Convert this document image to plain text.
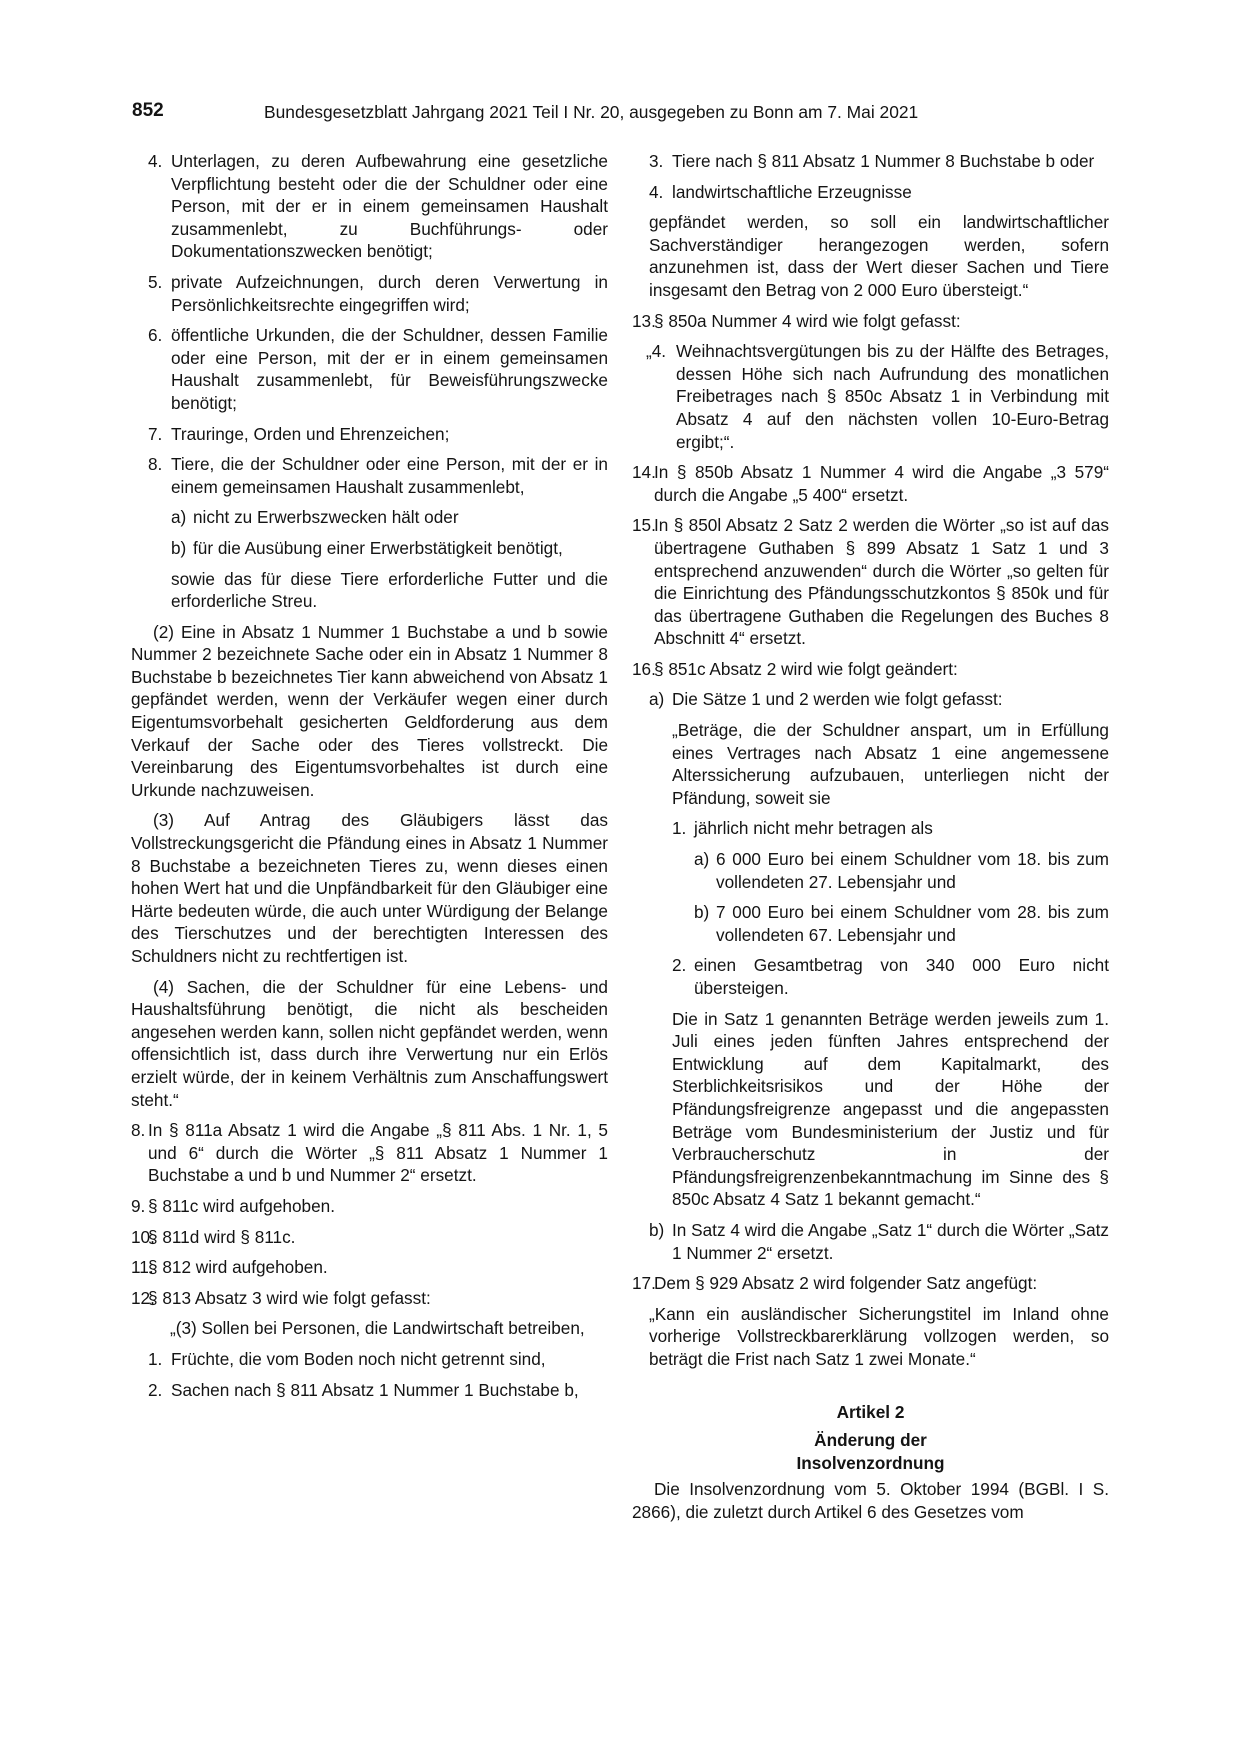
852	Bundesgesetzblatt Jahrgang 2021 Teil I Nr. 20, ausgegeben zu Bonn am 7. Mai 2021
4. Unterlagen, zu deren Aufbewahrung eine gesetzliche Verpflichtung besteht oder die der Schuldner oder eine Person, mit der er in einem gemeinsamen Haushalt zusammenlebt, zu Buchführungs- oder Dokumentationszwecken benötigt;
5. private Aufzeichnungen, durch deren Verwertung in Persönlichkeitsrechte eingegriffen wird;
6. öffentliche Urkunden, die der Schuldner, dessen Familie oder eine Person, mit der er in einem gemeinsamen Haushalt zusammenlebt, für Beweisführungszwecke benötigt;
7. Trauringe, Orden und Ehrenzeichen;
8. Tiere, die der Schuldner oder eine Person, mit der er in einem gemeinsamen Haushalt zusammenlebt,
a) nicht zu Erwerbszwecken hält oder
b) für die Ausübung einer Erwerbstätigkeit benötigt,
sowie das für diese Tiere erforderliche Futter und die erforderliche Streu.
(2) Eine in Absatz 1 Nummer 1 Buchstabe a und b sowie Nummer 2 bezeichnete Sache oder ein in Absatz 1 Nummer 8 Buchstabe b bezeichnetes Tier kann abweichend von Absatz 1 gepfändet werden, wenn der Verkäufer wegen einer durch Eigentumsvorbehalt gesicherten Geldforderung aus dem Verkauf der Sache oder des Tieres vollstreckt. Die Vereinbarung des Eigentumsvorbehaltes ist durch eine Urkunde nachzuweisen.
(3) Auf Antrag des Gläubigers lässt das Vollstreckungsgericht die Pfändung eines in Absatz 1 Nummer 8 Buchstabe a bezeichneten Tieres zu, wenn dieses einen hohen Wert hat und die Unpfändbarkeit für den Gläubiger eine Härte bedeuten würde, die auch unter Würdigung der Belange des Tierschutzes und der berechtigten Interessen des Schuldners nicht zu rechtfertigen ist.
(4) Sachen, die der Schuldner für eine Lebens- und Haushaltsführung benötigt, die nicht als bescheiden angesehen werden kann, sollen nicht gepfändet werden, wenn offensichtlich ist, dass durch ihre Verwertung nur ein Erlös erzielt würde, der in keinem Verhältnis zum Anschaffungswert steht.“
8. In § 811a Absatz 1 wird die Angabe „§ 811 Abs. 1 Nr. 1, 5 und 6“ durch die Wörter „§ 811 Absatz 1 Nummer 1 Buchstabe a und b und Nummer 2“ ersetzt.
9. § 811c wird aufgehoben.
10.
§ 811d wird § 811c.
11.
§ 812 wird aufgehoben.
12.
§ 813 Absatz 3 wird wie folgt gefasst:
„(3) Sollen bei Personen, die Landwirtschaft betreiben,
1. Früchte, die vom Boden noch nicht getrennt sind,
2. Sachen nach § 811 Absatz 1 Nummer 1 Buchstabe b,
3. Tiere nach § 811 Absatz 1 Nummer 8 Buchstabe b oder
4. landwirtschaftliche Erzeugnisse
gepfändet werden, so soll ein landwirtschaftlicher Sachverständiger herangezogen werden, sofern anzunehmen ist, dass der Wert dieser Sachen und Tiere insgesamt den Betrag von 2 000 Euro übersteigt.“
13.
§ 850a Nummer 4 wird wie folgt gefasst:
„4. Weihnachtsvergütungen bis zu der Hälfte des Betrages, dessen Höhe sich nach Aufrundung des monatlichen Freibetrages nach § 850c Absatz 1 in Verbindung mit Absatz 4 auf den nächsten vollen 10-Euro-Betrag ergibt;“.
14.
In § 850b Absatz 1 Nummer 4 wird die Angabe „3 579“ durch die Angabe „5 400“ ersetzt.
15.
In § 850l Absatz 2 Satz 2 werden die Wörter „so ist auf das übertragene Guthaben § 899 Absatz 1 Satz 1 und 3 entsprechend anzuwenden“ durch die Wörter „so gelten für die Einrichtung des Pfändungsschutzkontos § 850k und für das übertragene Guthaben die Regelungen des Buches 8 Abschnitt 4“ ersetzt.
16.
§ 851c Absatz 2 wird wie folgt geändert:
a) Die Sätze 1 und 2 werden wie folgt gefasst:
„Beträge, die der Schuldner anspart, um in Erfüllung eines Vertrages nach Absatz 1 eine angemessene Alterssicherung aufzubauen, unterliegen nicht der Pfändung, soweit sie
1. jährlich nicht mehr betragen als
a) 6 000 Euro bei einem Schuldner vom 18. bis zum vollendeten 27. Lebensjahr und
b) 7 000 Euro bei einem Schuldner vom 28. bis zum vollendeten 67. Lebensjahr und
2. einen Gesamtbetrag von 340 000 Euro nicht übersteigen.
Die in Satz 1 genannten Beträge werden jeweils zum 1. Juli eines jeden fünften Jahres entsprechend der Entwicklung auf dem Kapitalmarkt, des Sterblichkeitsrisikos und der Höhe der Pfändungsfreigrenze angepasst und die angepassten Beträge vom Bundesministerium der Justiz und für Verbraucherschutz in der Pfändungsfreigrenzenbekanntmachung im Sinne des § 850c Absatz 4 Satz 1 bekannt gemacht.“
b) In Satz 4 wird die Angabe „Satz 1“ durch die Wörter „Satz 1 Nummer 2“ ersetzt.
17.
Dem § 929 Absatz 2 wird folgender Satz angefügt:
„Kann ein ausländischer Sicherungstitel im Inland ohne vorherige Vollstreckbarerklärung vollzogen werden, so beträgt die Frist nach Satz 1 zwei Monate.“
Artikel 2
Änderung der
Insolvenzordnung
Die Insolvenzordnung vom 5. Oktober 1994 (BGBl. I S. 2866), die zuletzt durch Artikel 6 des Gesetzes vom
